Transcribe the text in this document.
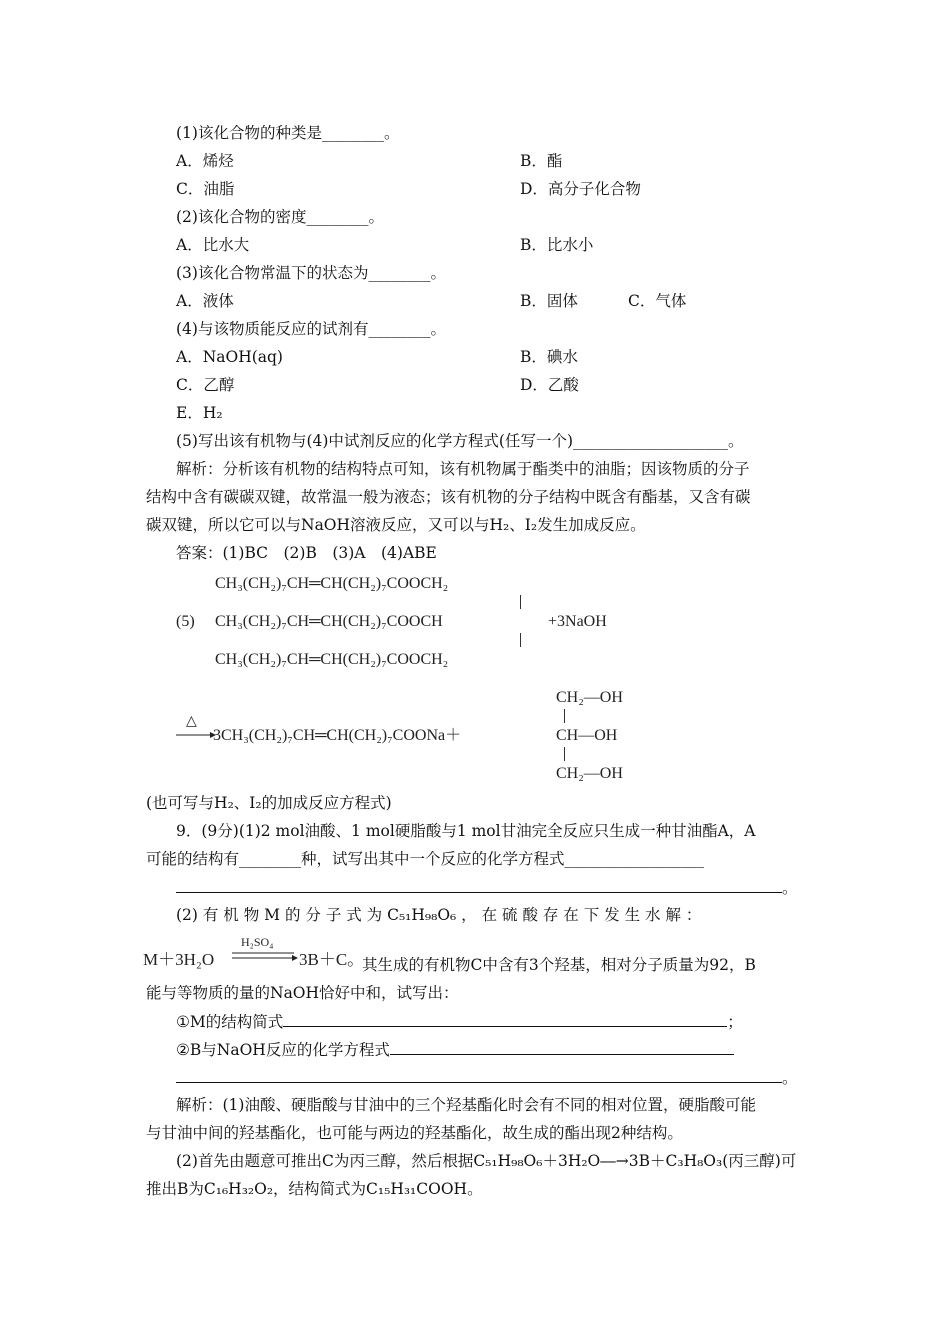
(1)该化合物的种类是________。
A．烯烃	B．酯
C．油脂	D．高分子化合物
(2)该化合物的密度________。
A．比水大	B．比水小
(3)该化合物常温下的状态为________。
A．液体	B．固体	C．气体
(4)与该物质能反应的试剂有________。
A．NaOH(aq)	B．碘水
C．乙醇	D．乙酸
E．H₂
(5)写出该有机物与(4)中试剂反应的化学方程式(任写一个)____________________。
解析：分析该有机物的结构特点可知，该有机物属于酯类中的油脂；因该物质的分子
结构中含有碳碳双键，故常温一般为液态；该有机物的分子结构中既含有酯基，又含有碳
碳双键，所以它可以与NaOH溶液反应，又可以与H₂、I₂发生加成反应。
答案：(1)BC　(2)B　(3)A　(4)ABE
CH₃(CH₂)₇CH═CH(CH₂)₇COOCH₂
(5) CH₃(CH₂)₇CH═CH(CH₂)₇COOCH	+3NaOH
CH₃(CH₂)₇CH═CH(CH₂)₇COOCH₂
△
3CH₃(CH₂)₇CH═CH(CH₂)₇COONa＋
CH₂—OH
CH—OH
CH₂—OH
(也可写与H₂、I₂的加成反应方程式)
9．(9分)(1)2 mol油酸、1 mol硬脂酸与1 mol甘油完全反应只生成一种甘油酯A，A
可能的结构有________种，试写出其中一个反应的化学方程式__________________
。
(2) 有 机 物 M 的 分 子 式 为 C₅₁H₉₈O₆ ， 在 硫 酸 存 在 下 发 生 水 解 ：
M＋3H₂O
H₂SO₄
3B＋C。
其生成的有机物C中含有3个羟基，相对分子质量为92，B
能与等物质的量的NaOH恰好中和，试写出：
①M的结构简式	；
②B与NaOH反应的化学方程式
。
解析：(1)油酸、硬脂酸与甘油中的三个羟基酯化时会有不同的相对位置，硬脂酸可能
与甘油中间的羟基酯化，也可能与两边的羟基酯化，故生成的酯出现2种结构。
(2)首先由题意可推出C为丙三醇，然后根据C₅₁H₉₈O₆＋3H₂O―→3B＋C₃H₈O₃(丙三醇)可
推出B为C₁₆H₃₂O₂，结构简式为C₁₅H₃₁COOH。
